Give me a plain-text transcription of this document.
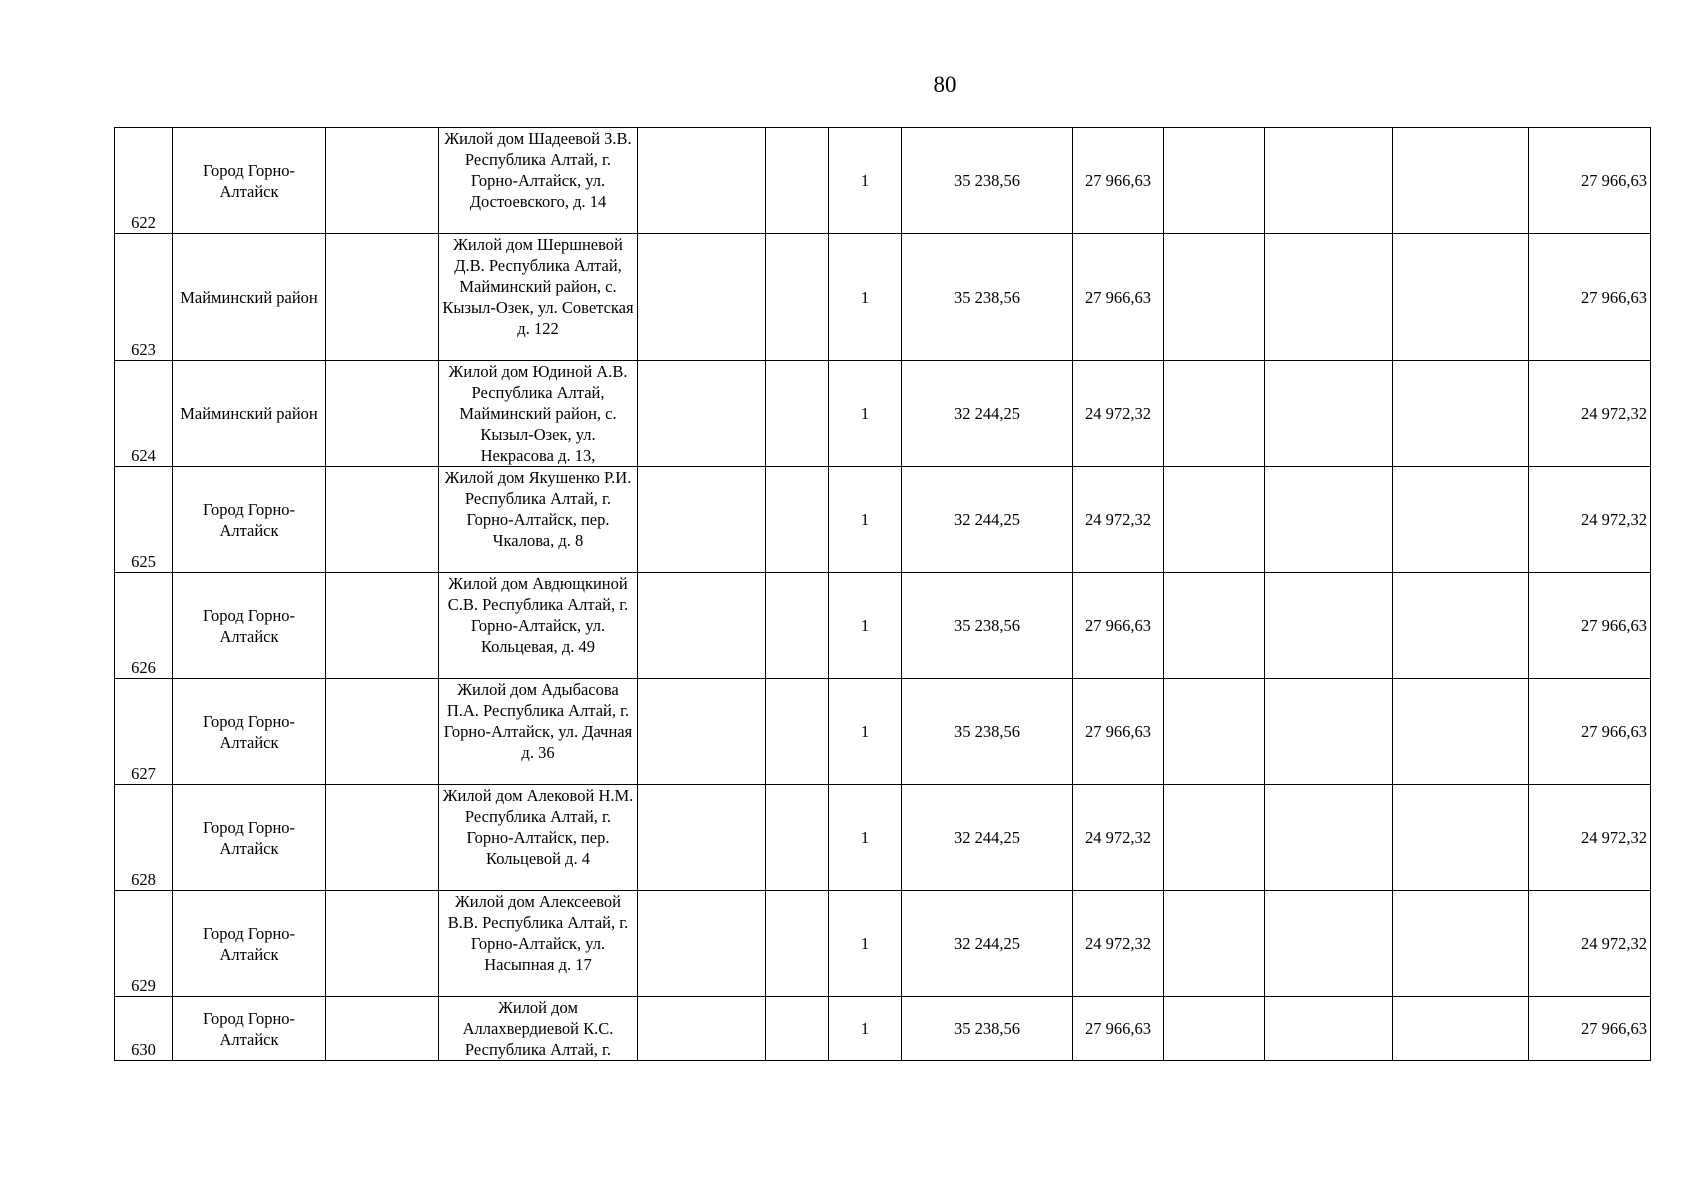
80
622	Город Горно-Алтайск		Жилой дом Шадеевой З.В. Республика Алтай, г. Горно-Алтайск, ул. Достоевского, д. 14			1	35 238,56	27 966,63				27 966,63
623	Майминский район		Жилой дом Шершневой Д.В. Республика Алтай, Майминский район, с. Кызыл-Озек, ул. Советская д. 122			1	35 238,56	27 966,63				27 966,63
624	Майминский район		Жилой дом Юдиной А.В. Республика Алтай, Майминский район, с. Кызыл-Озек, ул. Некрасова д. 13,			1	32 244,25	24 972,32				24 972,32
625	Город Горно-Алтайск		Жилой дом Якушенко Р.И. Республика Алтай, г. Горно-Алтайск, пер. Чкалова, д. 8			1	32 244,25	24 972,32				24 972,32
626	Город Горно-Алтайск		Жилой дом Авдющкиной С.В. Республика Алтай, г. Горно-Алтайск, ул. Кольцевая, д. 49			1	35 238,56	27 966,63				27 966,63
627	Город Горно-Алтайск		Жилой дом Адыбасова П.А. Республика Алтай, г. Горно-Алтайск, ул. Дачная д. 36			1	35 238,56	27 966,63				27 966,63
628	Город Горно-Алтайск		Жилой дом Алековой Н.М. Республика Алтай, г. Горно-Алтайск, пер. Кольцевой д. 4			1	32 244,25	24 972,32				24 972,32
629	Город Горно-Алтайск		Жилой дом Алексеевой В.В. Республика Алтай, г. Горно-Алтайск, ул. Насыпная д. 17			1	32 244,25	24 972,32				24 972,32
630	Город Горно-Алтайск		Жилой дом Аллахвердиевой К.С. Республика Алтай, г.			1	35 238,56	27 966,63				27 966,63
